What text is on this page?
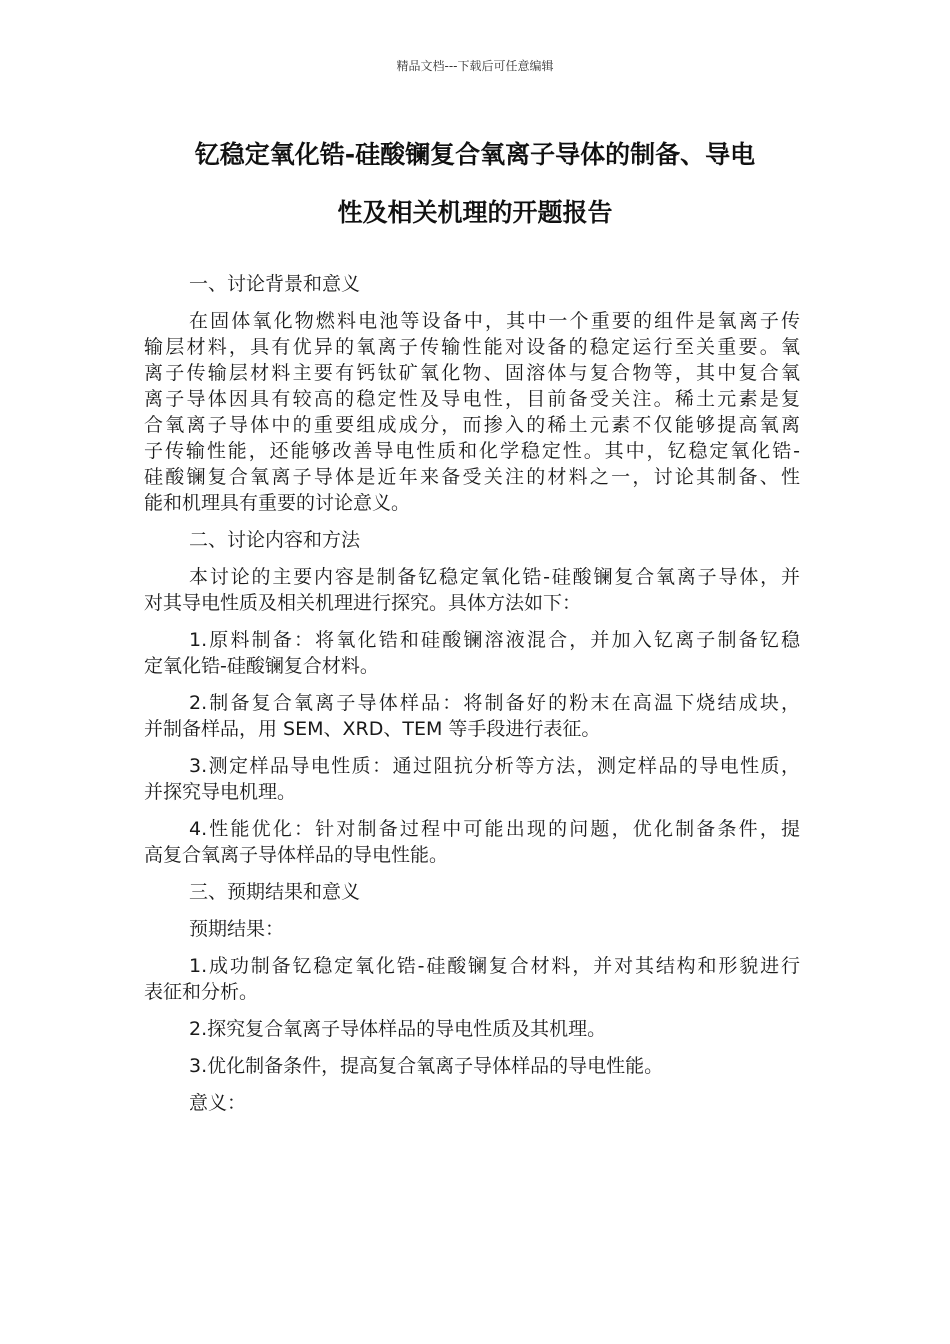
精品文档---下载后可任意编辑
钇稳定氧化锆-硅酸镧复合氧离子导体的制备、导电
性及相关机理的开题报告
一、讨论背景和意义
在固体氧化物燃料电池等设备中，其中一个重要的组件是氧离子传
输层材料，具有优异的氧离子传输性能对设备的稳定运行至关重要。氧
离子传输层材料主要有钙钛矿氧化物、固溶体与复合物等，其中复合氧
离子导体因具有较高的稳定性及导电性，目前备受关注。稀土元素是复
合氧离子导体中的重要组成成分，而掺入的稀土元素不仅能够提高氧离
子传输性能，还能够改善导电性质和化学稳定性。其中，钇稳定氧化锆-
硅酸镧复合氧离子导体是近年来备受关注的材料之一，讨论其制备、性
能和机理具有重要的讨论意义。
二、讨论内容和方法
本讨论的主要内容是制备钇稳定氧化锆-硅酸镧复合氧离子导体，并
对其导电性质及相关机理进行探究。具体方法如下：
1.原料制备：将氧化锆和硅酸镧溶液混合，并加入钇离子制备钇稳
定氧化锆-硅酸镧复合材料。
2.制备复合氧离子导体样品：将制备好的粉末在高温下烧结成块，
并制备样品，用 SEM、XRD、TEM 等手段进行表征。
3.测定样品导电性质：通过阻抗分析等方法，测定样品的导电性质，
并探究导电机理。
4.性能优化：针对制备过程中可能出现的问题，优化制备条件，提
高复合氧离子导体样品的导电性能。
三、预期结果和意义
预期结果：
1.成功制备钇稳定氧化锆-硅酸镧复合材料，并对其结构和形貌进行
表征和分析。
2.探究复合氧离子导体样品的导电性质及其机理。
3.优化制备条件，提高复合氧离子导体样品的导电性能。
意义：
